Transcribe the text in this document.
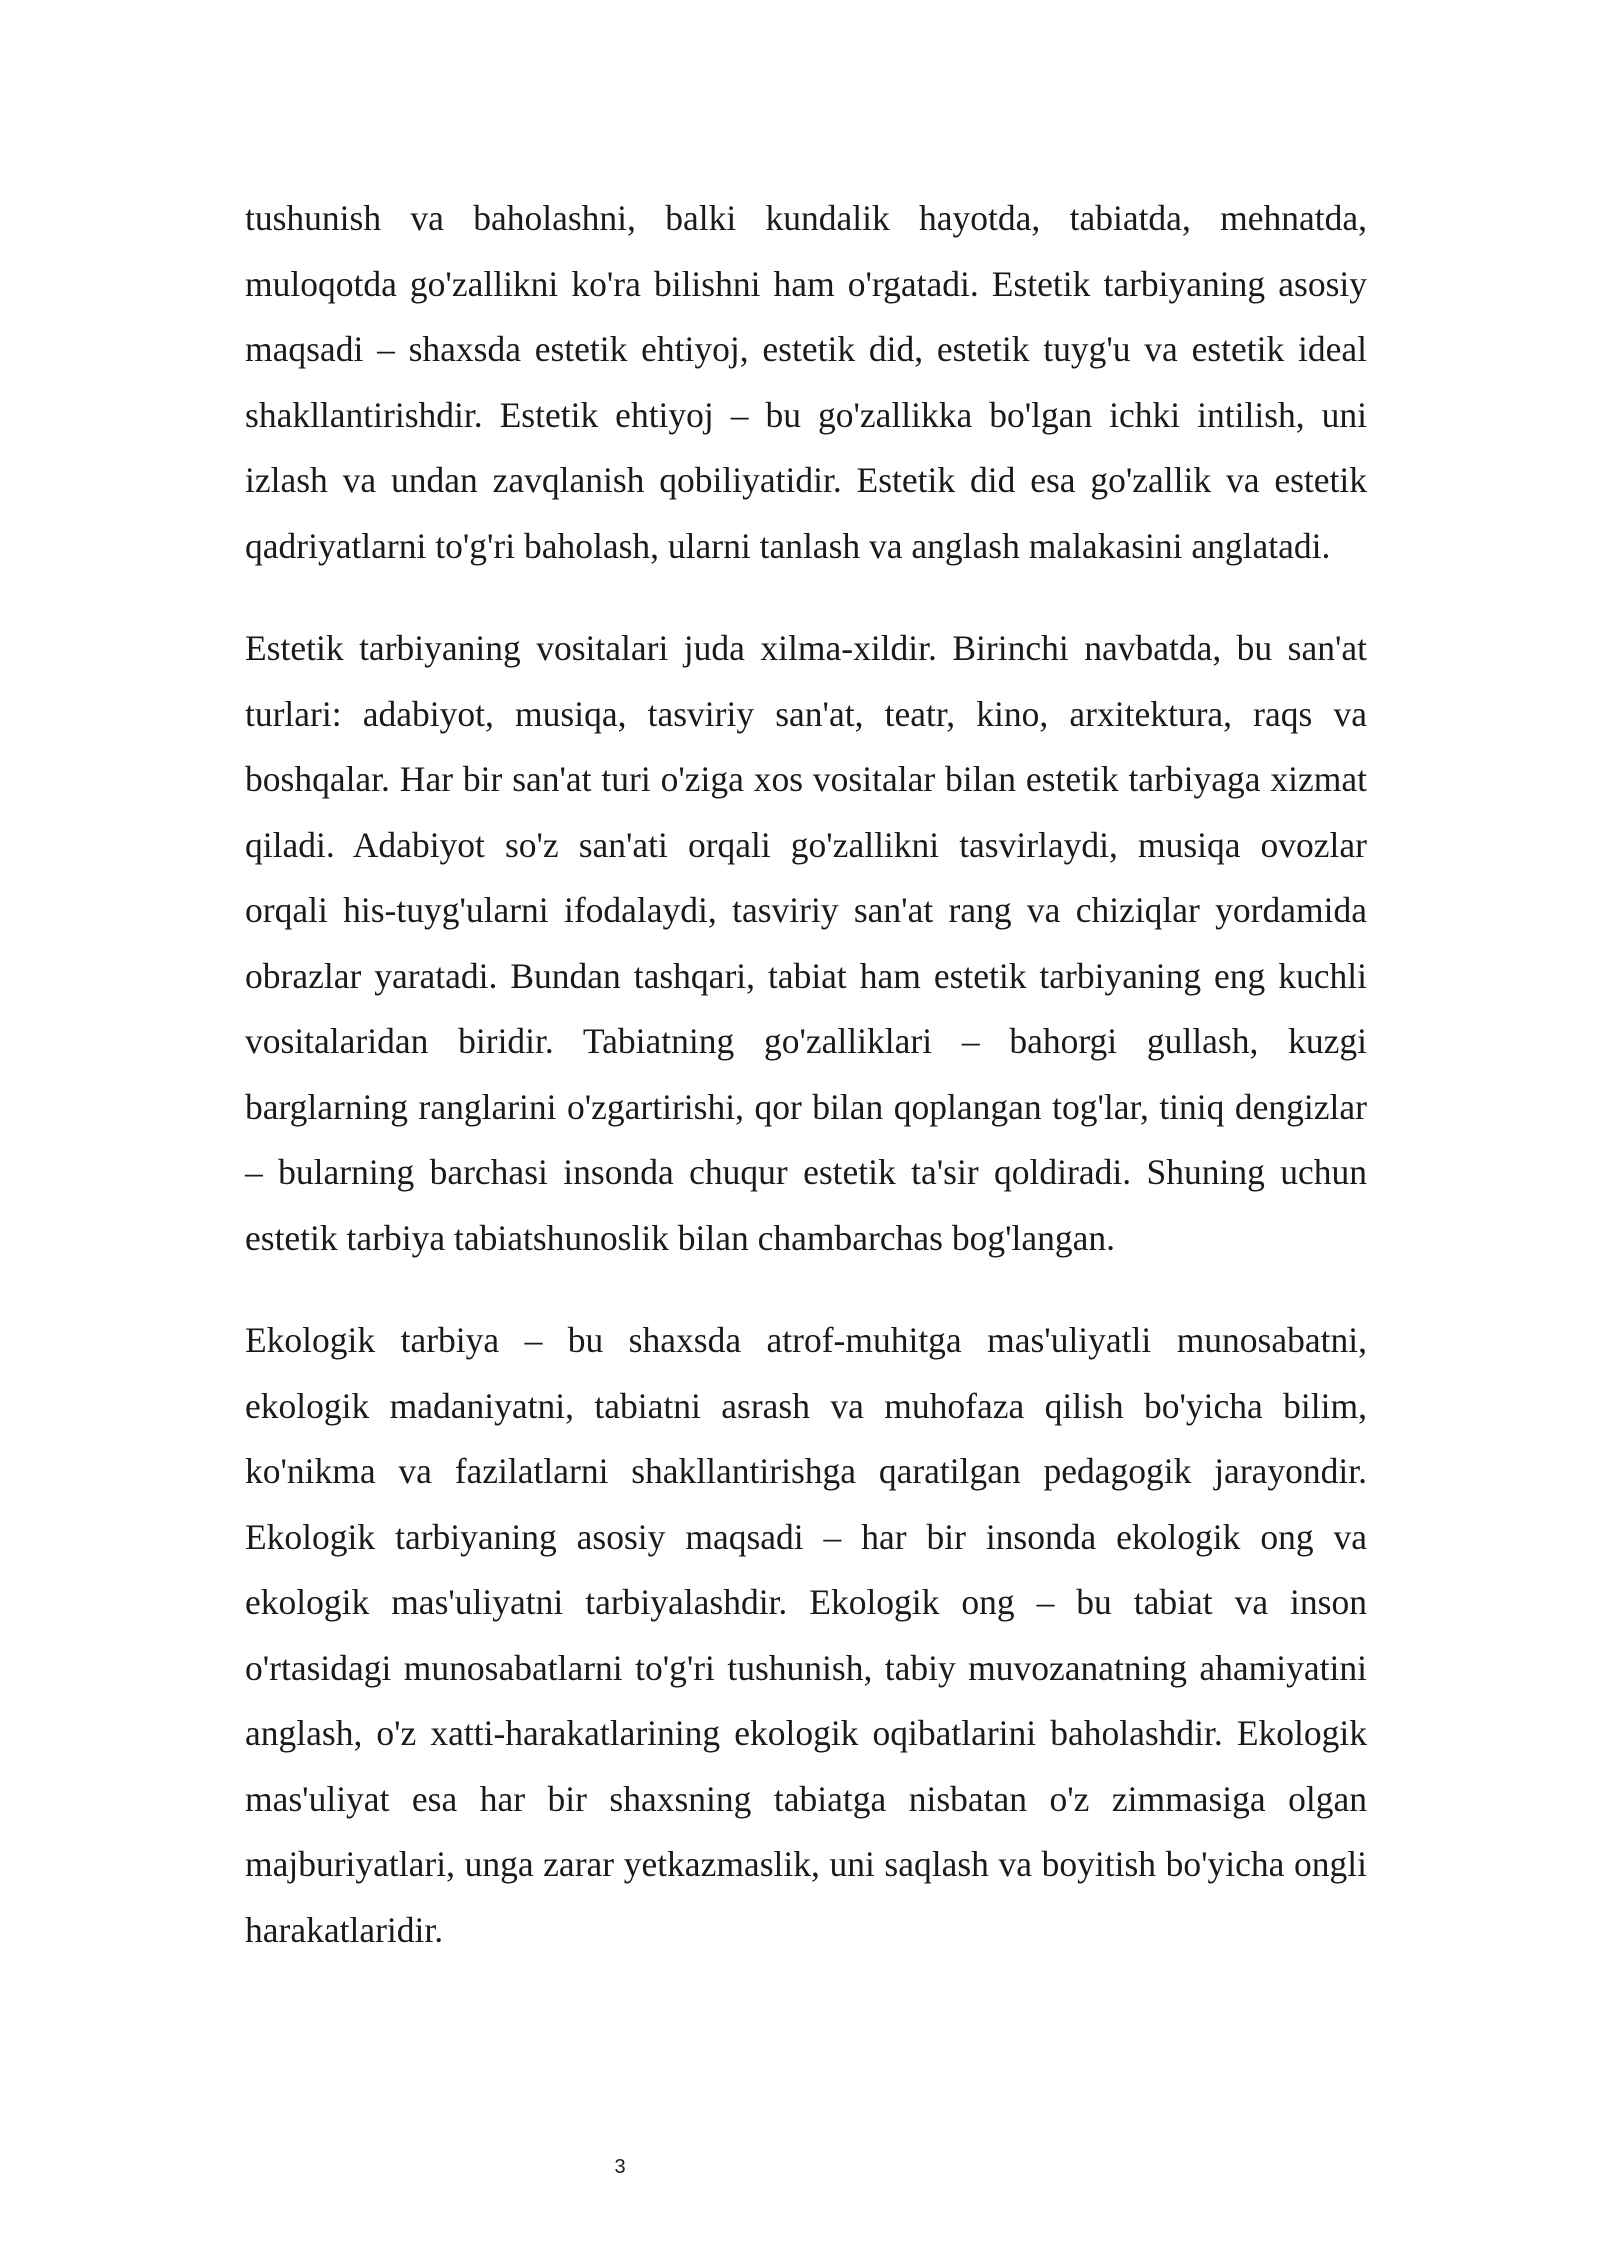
tushunish va baholashni, balki kundalik hayotda, tabiatda, mehnatda, muloqotda go'zallikni ko'ra bilishni ham o'rgatadi. Estetik tarbiyaning asosiy maqsadi – shaxsda estetik ehtiyoj, estetik did, estetik tuyg'u va estetik ideal shakllantirishdir. Estetik ehtiyoj – bu go'zallikka bo'lgan ichki intilish, uni izlash va undan zavqlanish qobiliyatidir. Estetik did esa go'zallik va estetik qadriyatlarni to'g'ri baholash, ularni tanlash va anglash malakasini anglatadi.

Estetik tarbiyaning vositalari juda xilma-xildir. Birinchi navbatda, bu san'at turlari: adabiyot, musiqa, tasviriy san'at, teatr, kino, arxitektura, raqs va boshqalar. Har bir san'at turi o'ziga xos vositalar bilan estetik tarbiyaga xizmat qiladi. Adabiyot so'z san'ati orqali go'zallikni tasvirlaydi, musiqa ovozlar orqali his-tuyg'ularni ifodalaydi, tasviriy san'at rang va chiziqlar yordamida obrazlar yaratadi. Bundan tashqari, tabiat ham estetik tarbiyaning eng kuchli vositalaridan biridir. Tabiatning go'zalliklari – bahorgi gullash, kuzgi barglarning ranglarini o'zgartirishi, qor bilan qoplangan tog'lar, tiniq dengizlar – bularning barchasi insonda chuqur estetik ta'sir qoldiradi. Shuning uchun estetik tarbiya tabiatshunoslik bilan chambarchas bog'langan.

Ekologik tarbiya – bu shaxsda atrof-muhitga mas'uliyatli munosabatni, ekologik madaniyatni, tabiatni asrash va muhofaza qilish bo'yicha bilim, ko'nikma va fazilatlarni shakllantirishga qaratilgan pedagogik jarayondir. Ekologik tarbiyaning asosiy maqsadi – har bir insonda ekologik ong va ekologik mas'uliyatni tarbiyalashdir. Ekologik ong – bu tabiat va inson o'rtasidagi munosabatlarni to'g'ri tushunish, tabiy muvozanatning ahamiyatini anglash, o'z xatti-harakatlarining ekologik oqibatlarini baholashdir. Ekologik mas'uliyat esa har bir shaxsning tabiatga nisbatan o'z zimmasiga olgan majburiyatlari, unga zarar yetkazmaslik, uni saqlash va boyitish bo'yicha ongli harakatlaridir.

3
